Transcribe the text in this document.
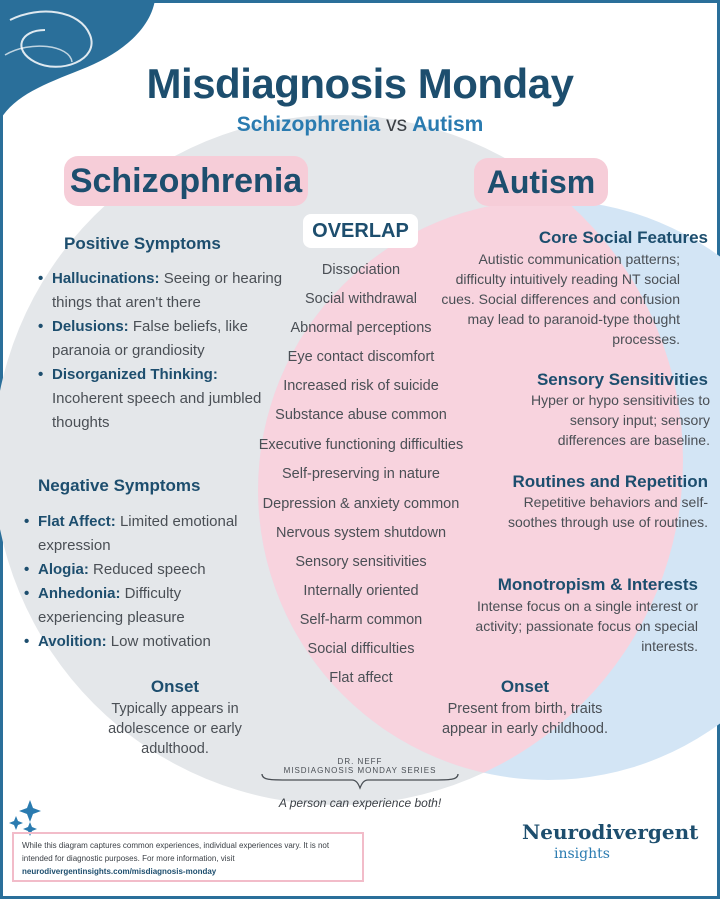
Misdiagnosis Monday
Schizophrenia vs Autism
Schizophrenia	Autism
OVERLAP
Positive Symptoms
• Hallucinations: Seeing or hearing things that aren't there
• Delusions: False beliefs, like paranoia or grandiosity
• Disorganized Thinking: Incoherent speech and jumbled thoughts
Negative Symptoms
• Flat Affect: Limited emotional expression
• Alogia: Reduced speech
• Anhedonia: Difficulty experiencing pleasure
• Avolition: Low motivation
Onset
Typically appears in adolescence or early adulthood.
Dissociation
Social withdrawal
Abnormal perceptions
Eye contact discomfort
Increased risk of suicide
Substance abuse common
Executive functioning difficulties
Self-preserving in nature
Depression & anxiety common
Nervous system shutdown
Sensory sensitivities
Internally oriented
Self-harm common
Social difficulties
Flat affect
Core Social Features
Autistic communication patterns; difficulty intuitively reading NT social cues. Social differences and confusion may lead to paranoid-type thought processes.
Sensory Sensitivities
Hyper or hypo sensitivities to sensory input; sensory differences are baseline.
Routines and Repetition
Repetitive behaviors and self-soothes through use of routines.
Monotropism & Interests
Intense focus on a single interest or activity; passionate focus on special interests.
Onset
Present from birth, traits appear in early childhood.
DR. NEFF
MISDIAGNOSIS MONDAY SERIES
A person can experience both!
While this diagram captures common experiences, individual experiences vary. It is not intended for diagnostic purposes. For more information, visit neurodivergentinsights.com/misdiagnosis-monday
Neurodivergent
insights
